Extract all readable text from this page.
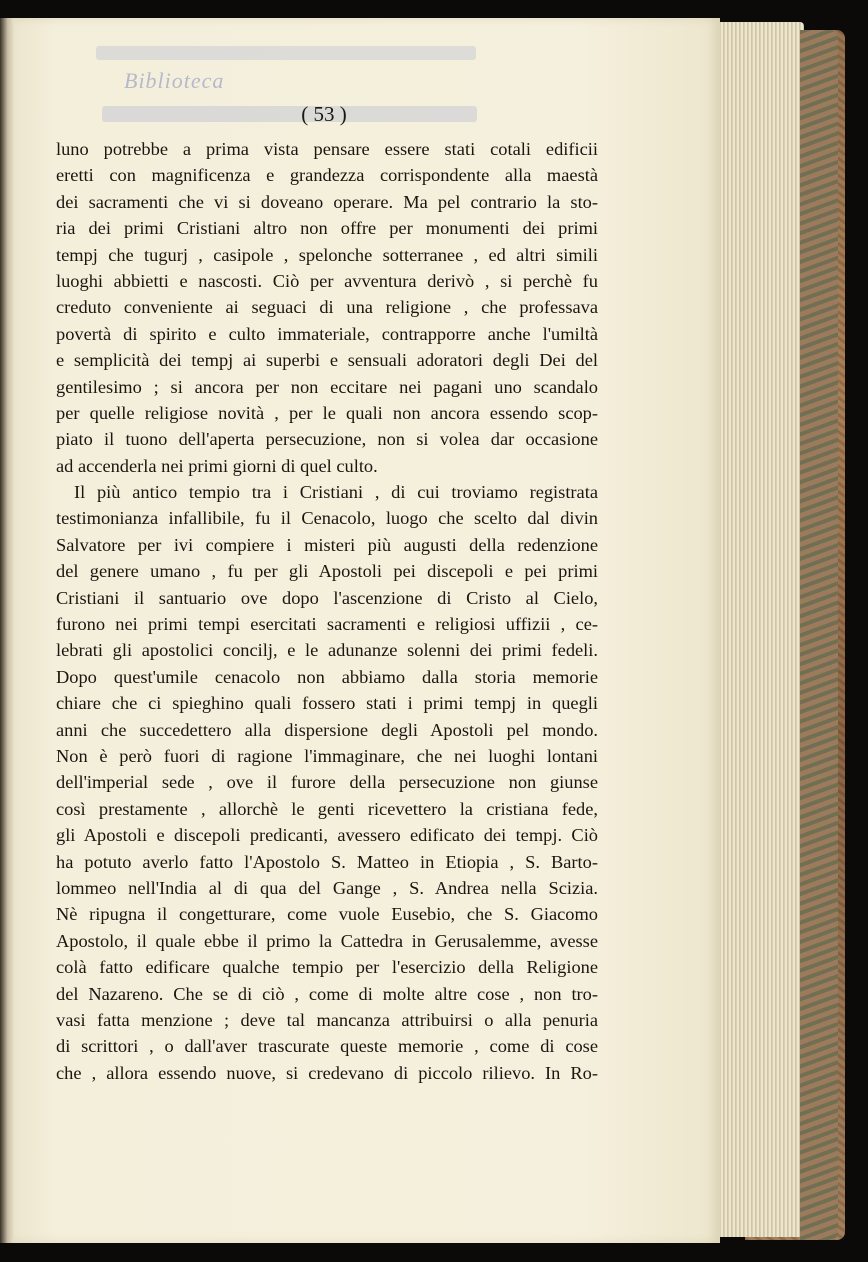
Biblioteca
( 53 )
luno potrebbe a prima vista pensare essere stati cotali edificii
eretti con magnificenza e grandezza corrispondente alla maestà
dei sacramenti che vi si doveano operare. Ma pel contrario la sto-
ria dei primi Cristiani altro non offre per monumenti dei primi
tempj che tugurj , casipole , spelonche sotterranee , ed altri simili
luoghi abbietti e nascosti. Ciò per avventura derivò , si perchè fu
creduto conveniente ai seguaci di una religione , che professava
povertà di spirito e culto immateriale, contrapporre anche l'umiltà
e semplicità dei tempj ai superbi e sensuali adoratori degli Dei del
gentilesimo ; si ancora per non eccitare nei pagani uno scandalo
per quelle religiose novità , per le quali non ancora essendo scop-
piato il tuono dell'aperta persecuzione, non si volea dar occasione
ad accenderla nei primi giorni di quel culto.
Il più antico tempio tra i Cristiani , di cui troviamo registrata
testimonianza infallibile, fu il Cenacolo, luogo che scelto dal divin
Salvatore per ivi compiere i misteri più augusti della redenzione
del genere umano , fu per gli Apostoli pei discepoli e pei primi
Cristiani il santuario ove dopo l'ascenzione di Cristo al Cielo,
furono nei primi tempi esercitati sacramenti e religiosi uffizii , ce-
lebrati gli apostolici concilj, e le adunanze solenni dei primi fedeli.
Dopo quest'umile cenacolo non abbiamo dalla storia memorie
chiare che ci spieghino quali fossero stati i primi tempj in quegli
anni che succedettero alla dispersione degli Apostoli pel mondo.
Non è però fuori di ragione l'immaginare, che nei luoghi lontani
dell'imperial sede , ove il furore della persecuzione non giunse
così prestamente , allorchè le genti ricevettero la cristiana fede,
gli Apostoli e discepoli predicanti, avessero edificato dei tempj. Ciò
ha potuto averlo fatto l'Apostolo S. Matteo in Etiopia , S. Barto-
lommeo nell'India al di qua del Gange , S. Andrea nella Scizia.
Nè ripugna il congetturare, come vuole Eusebio, che S. Giacomo
Apostolo, il quale ebbe il primo la Cattedra in Gerusalemme, avesse
colà fatto edificare qualche tempio per l'esercizio della Religione
del Nazareno. Che se di ciò , come di molte altre cose , non tro-
vasi fatta menzione ; deve tal mancanza attribuirsi o alla penuria
di scrittori , o dall'aver trascurate queste memorie , come di cose
che , allora essendo nuove, si credevano di piccolo rilievo. In Ro-
